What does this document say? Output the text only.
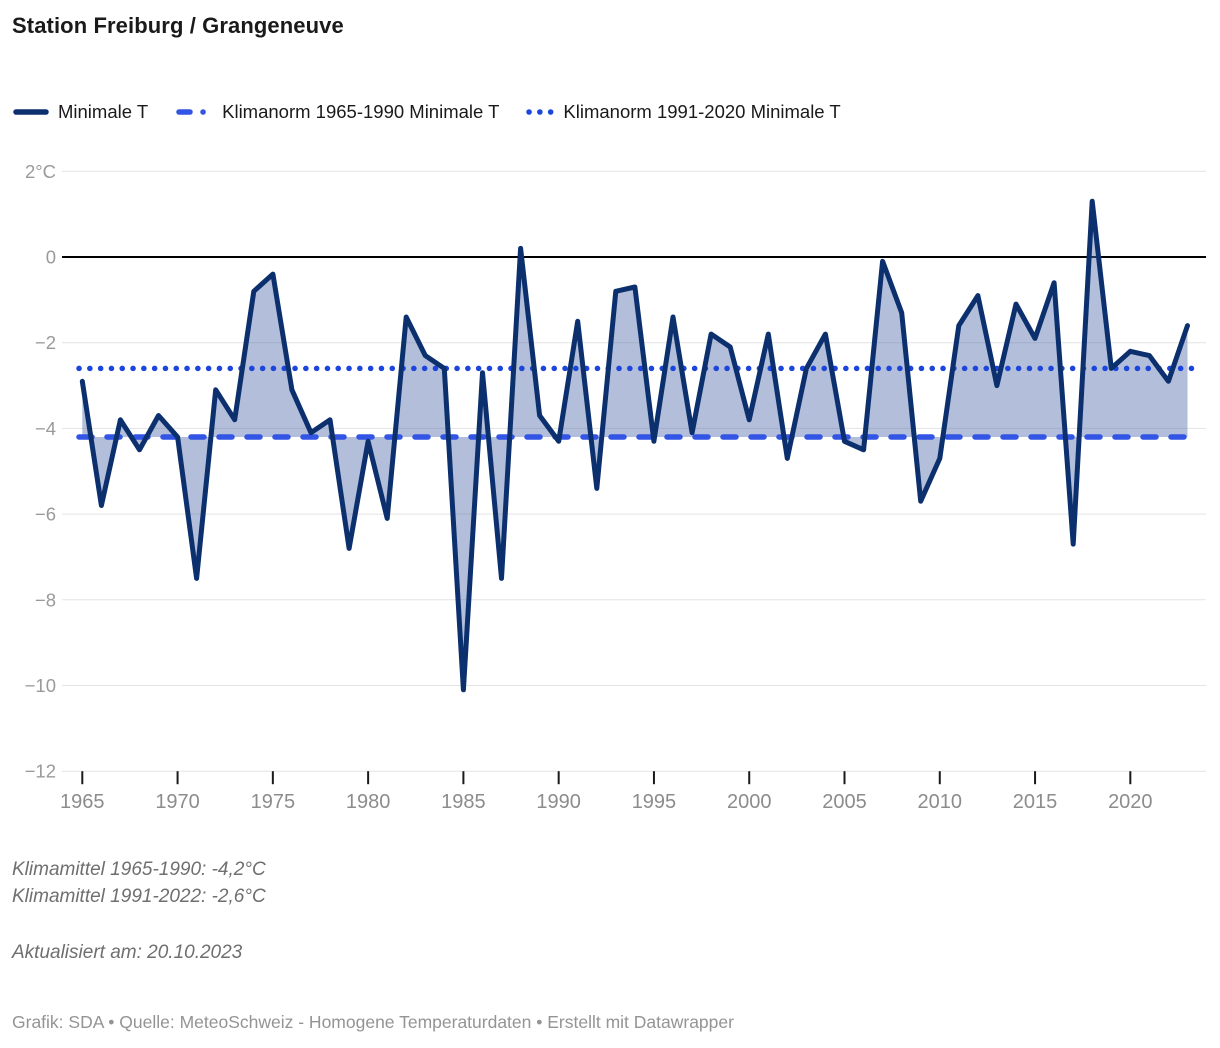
Station Freiburg / Grangeneuve
Minimale T	Klimanorm 1965-1990 Minimale T	Klimanorm 1991-2020 Minimale T
2°C
0
−2
−4
−6
−8
−10
−12
1965	1970	1975	1980	1985	1990	1995	2000	2005	2010	2015	2020
Klimamittel 1965-1990: -4,2°C
Klimamittel 1991-2022: -2,6°C
Aktualisiert am: 20.10.2023
Grafik: SDA • Quelle: MeteoSchweiz - Homogene Temperaturdaten • Erstellt mit Datawrapper
